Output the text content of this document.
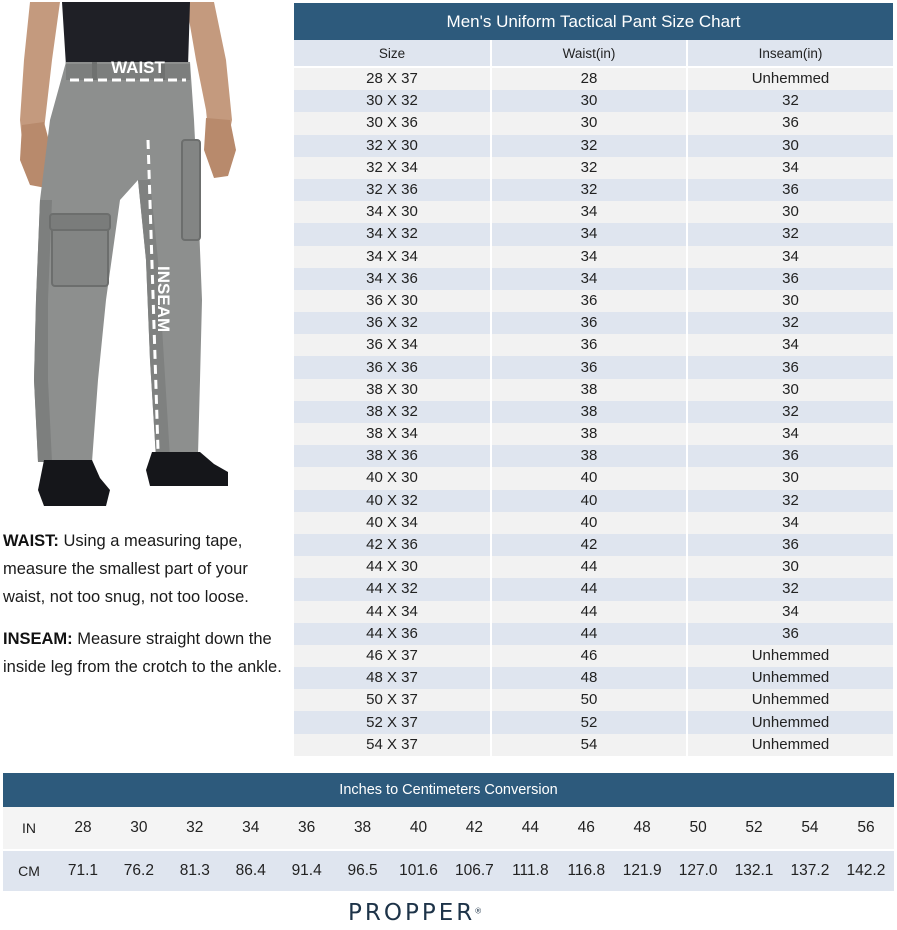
WAIST
INSEAM

WAIST: Using a measuring tape, measure the smallest part of your waist, not too snug, not too loose.

INSEAM: Measure straight down the inside leg from the crotch to the ankle.

Men's Uniform Tactical Pant Size Chart
Size	Waist(in)	Inseam(in)
28 X 37	28	Unhemmed
30 X 32	30	32
30 X 36	30	36
32 X 30	32	30
32 X 34	32	34
32 X 36	32	36
34 X 30	34	30
34 X 32	34	32
34 X 34	34	34
34 X 36	34	36
36 X 30	36	30
36 X 32	36	32
36 X 34	36	34
36 X 36	36	36
38 X 30	38	30
38 X 32	38	32
38 X 34	38	34
38 X 36	38	36
40 X 30	40	30
40 X 32	40	32
40 X 34	40	34
42 X 36	42	36
44 X 30	44	30
44 X 32	44	32
44 X 34	44	34
44 X 36	44	36
46 X 37	46	Unhemmed
48 X 37	48	Unhemmed
50 X 37	50	Unhemmed
52 X 37	52	Unhemmed
54 X 37	54	Unhemmed
Inches to Centimeters Conversion
IN	28	30	32	34	36	38	40	42	44	46	48	50	52	54	56
CM	71.1	76.2	81.3	86.4	91.4	96.5	101.6	106.7	111.8	116.8	121.9	127.0	132.1	137.2	142.2
PROPPER®
